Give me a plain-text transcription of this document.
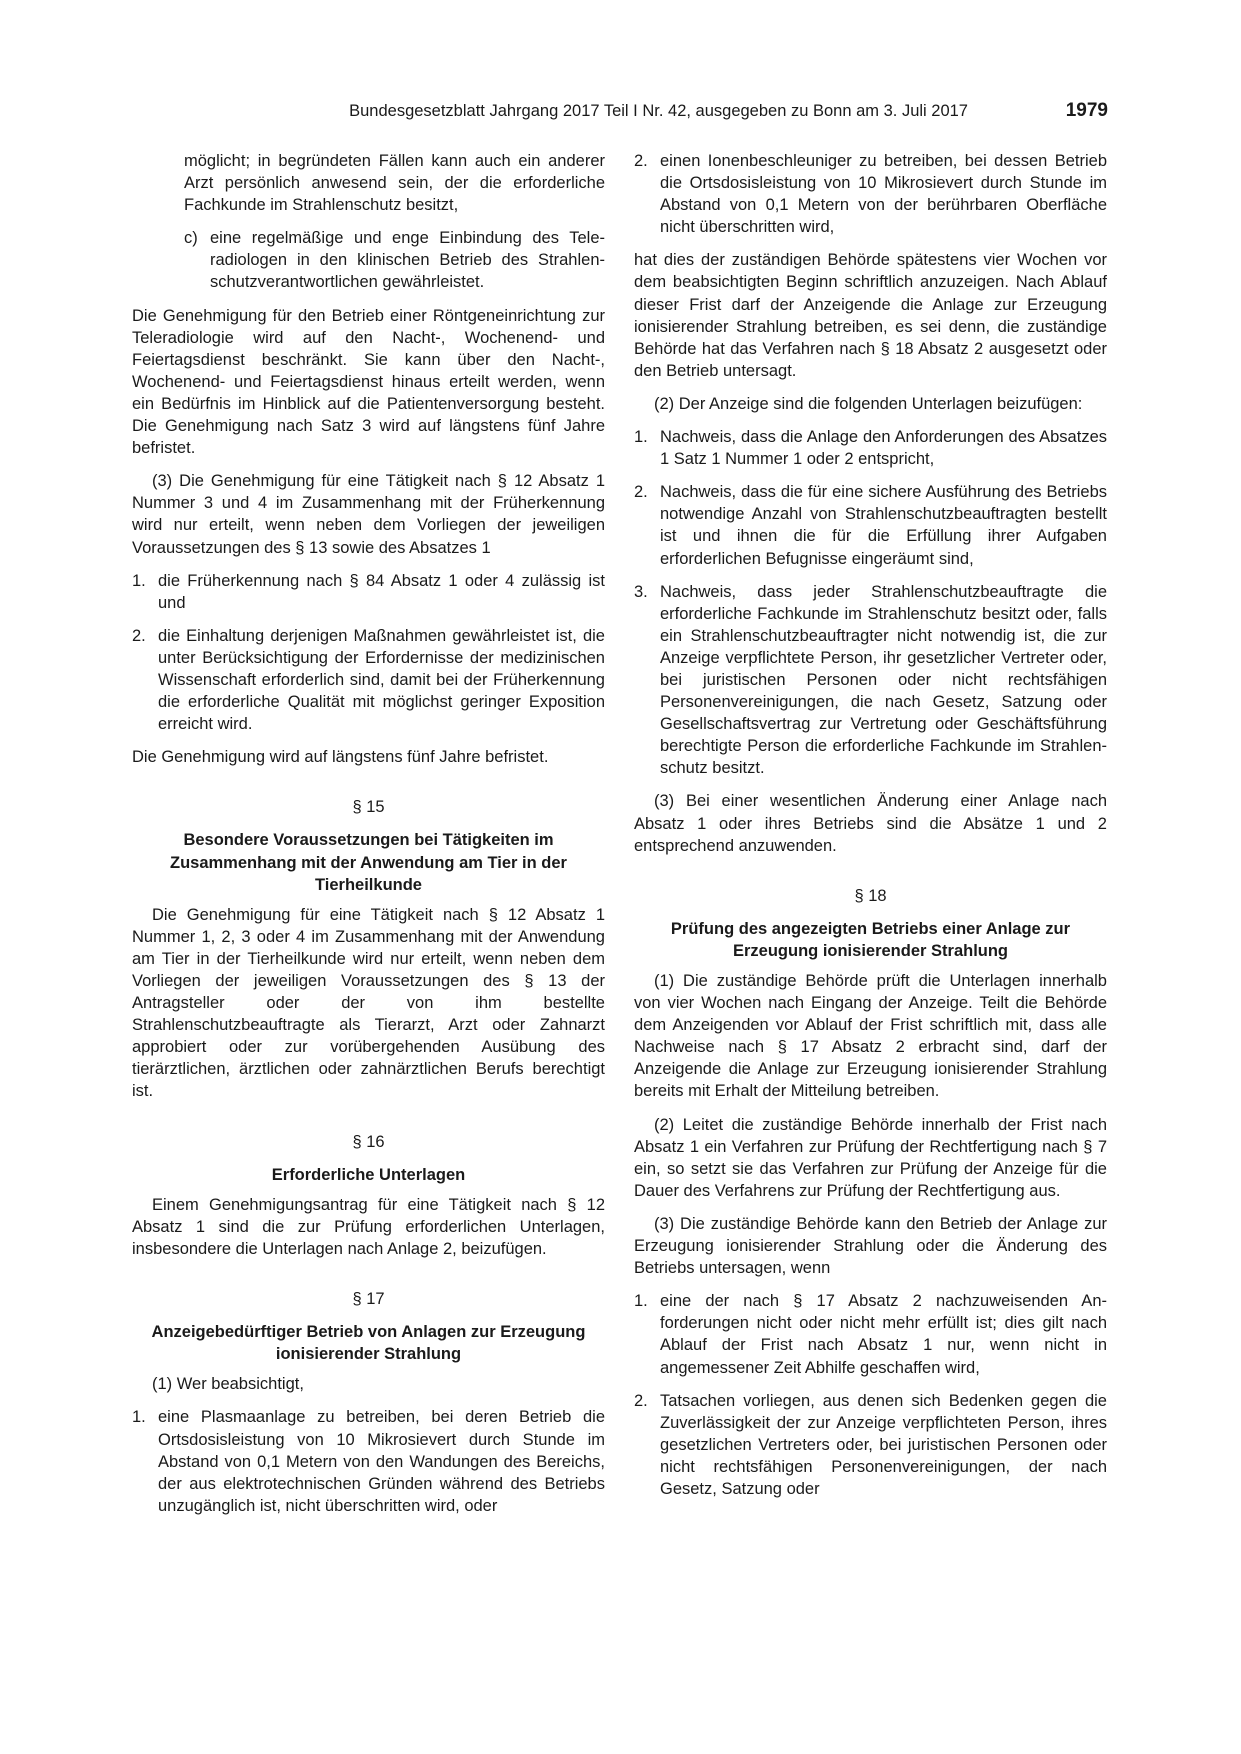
Bundesgesetzblatt Jahrgang 2017 Teil I Nr. 42, ausgegeben zu Bonn am 3. Juli 2017	1979

möglicht; in begründeten Fällen kann auch ein anderer Arzt persönlich anwesend sein, der die erforderliche Fachkunde im Strahlenschutz besitzt,

c) eine regelmäßige und enge Einbindung des Teleradiologen in den klinischen Betrieb des Strahlenschutzverantwortlichen gewährleistet.

Die Genehmigung für den Betrieb einer Röntgeneinrichtung zur Teleradiologie wird auf den Nacht-, Wochenend- und Feiertagsdienst beschränkt. Sie kann über den Nacht-, Wochenend- und Feiertagsdienst hinaus erteilt werden, wenn ein Bedürfnis im Hinblick auf die Patientenversorgung besteht. Die Genehmigung nach Satz 3 wird auf längstens fünf Jahre befristet.

(3) Die Genehmigung für eine Tätigkeit nach § 12 Absatz 1 Nummer 3 und 4 im Zusammenhang mit der Früherkennung wird nur erteilt, wenn neben dem Vorliegen der jeweiligen Voraussetzungen des § 13 sowie des Absatzes 1

1. die Früherkennung nach § 84 Absatz 1 oder 4 zulässig ist und
2. die Einhaltung derjenigen Maßnahmen gewährleistet ist, die unter Berücksichtigung der Erfordernisse der medizinischen Wissenschaft erforderlich sind, damit bei der Früherkennung die erforderliche Qualität mit möglichst geringer Exposition erreicht wird.

Die Genehmigung wird auf längstens fünf Jahre befristet.

§ 15
Besondere Voraussetzungen bei Tätigkeiten im Zusammenhang mit der Anwendung am Tier in der Tierheilkunde

Die Genehmigung für eine Tätigkeit nach § 12 Absatz 1 Nummer 1, 2, 3 oder 4 im Zusammenhang mit der Anwendung am Tier in der Tierheilkunde wird nur erteilt, wenn neben dem Vorliegen der jeweiligen Voraussetzungen des § 13 der Antragsteller oder der von ihm bestellte Strahlenschutzbeauftragte als Tierarzt, Arzt oder Zahnarzt approbiert oder zur vorübergehenden Ausübung des tierärztlichen, ärztlichen oder zahnärztlichen Berufs berechtigt ist.

§ 16
Erforderliche Unterlagen

Einem Genehmigungsantrag für eine Tätigkeit nach § 12 Absatz 1 sind die zur Prüfung erforderlichen Unterlagen, insbesondere die Unterlagen nach Anlage 2, beizufügen.

§ 17
Anzeigebedürftiger Betrieb von Anlagen zur Erzeugung ionisierender Strahlung

(1) Wer beabsichtigt,

1. eine Plasmaanlage zu betreiben, bei deren Betrieb die Ortsdosisleistung von 10 Mikrosievert durch Stunde im Abstand von 0,1 Metern von den Wandungen des Bereichs, der aus elektrotechnischen Gründen während des Betriebs unzugänglich ist, nicht überschritten wird, oder
2. einen Ionenbeschleuniger zu betreiben, bei dessen Betrieb die Ortsdosisleistung von 10 Mikrosievert durch Stunde im Abstand von 0,1 Metern von der berührbaren Oberfläche nicht überschritten wird,

hat dies der zuständigen Behörde spätestens vier Wochen vor dem beabsichtigten Beginn schriftlich anzuzeigen. Nach Ablauf dieser Frist darf der Anzeigende die Anlage zur Erzeugung ionisierender Strahlung betreiben, es sei denn, die zuständige Behörde hat das Verfahren nach § 18 Absatz 2 ausgesetzt oder den Betrieb untersagt.

(2) Der Anzeige sind die folgenden Unterlagen beizufügen:

1. Nachweis, dass die Anlage den Anforderungen des Absatzes 1 Satz 1 Nummer 1 oder 2 entspricht,
2. Nachweis, dass die für eine sichere Ausführung des Betriebs notwendige Anzahl von Strahlenschutzbeauftragten bestellt ist und ihnen die für die Erfüllung ihrer Aufgaben erforderlichen Befugnisse eingeräumt sind,
3. Nachweis, dass jeder Strahlenschutzbeauftragte die erforderliche Fachkunde im Strahlenschutz besitzt oder, falls ein Strahlenschutzbeauftragter nicht notwendig ist, die zur Anzeige verpflichtete Person, ihr gesetzlicher Vertreter oder, bei juristischen Personen oder nicht rechtsfähigen Personenvereinigungen, die nach Gesetz, Satzung oder Gesellschaftsvertrag zur Vertretung oder Geschäftsführung berechtigte Person die erforderliche Fachkunde im Strahlenschutz besitzt.

(3) Bei einer wesentlichen Änderung einer Anlage nach Absatz 1 oder ihres Betriebs sind die Absätze 1 und 2 entsprechend anzuwenden.

§ 18
Prüfung des angezeigten Betriebs einer Anlage zur Erzeugung ionisierender Strahlung

(1) Die zuständige Behörde prüft die Unterlagen innerhalb von vier Wochen nach Eingang der Anzeige. Teilt die Behörde dem Anzeigenden vor Ablauf der Frist schriftlich mit, dass alle Nachweise nach § 17 Absatz 2 erbracht sind, darf der Anzeigende die Anlage zur Erzeugung ionisierender Strahlung bereits mit Erhalt der Mitteilung betreiben.

(2) Leitet die zuständige Behörde innerhalb der Frist nach Absatz 1 ein Verfahren zur Prüfung der Rechtfertigung nach § 7 ein, so setzt sie das Verfahren zur Prüfung der Anzeige für die Dauer des Verfahrens zur Prüfung der Rechtfertigung aus.

(3) Die zuständige Behörde kann den Betrieb der Anlage zur Erzeugung ionisierender Strahlung oder die Änderung des Betriebs untersagen, wenn

1. eine der nach § 17 Absatz 2 nachzuweisenden Anforderungen nicht oder nicht mehr erfüllt ist; dies gilt nach Ablauf der Frist nach Absatz 1 nur, wenn nicht in angemessener Zeit Abhilfe geschaffen wird,
2. Tatsachen vorliegen, aus denen sich Bedenken gegen die Zuverlässigkeit der zur Anzeige verpflichteten Person, ihres gesetzlichen Vertreters oder, bei juristischen Personen oder nicht rechtsfähigen Personenvereinigungen, der nach Gesetz, Satzung oder
